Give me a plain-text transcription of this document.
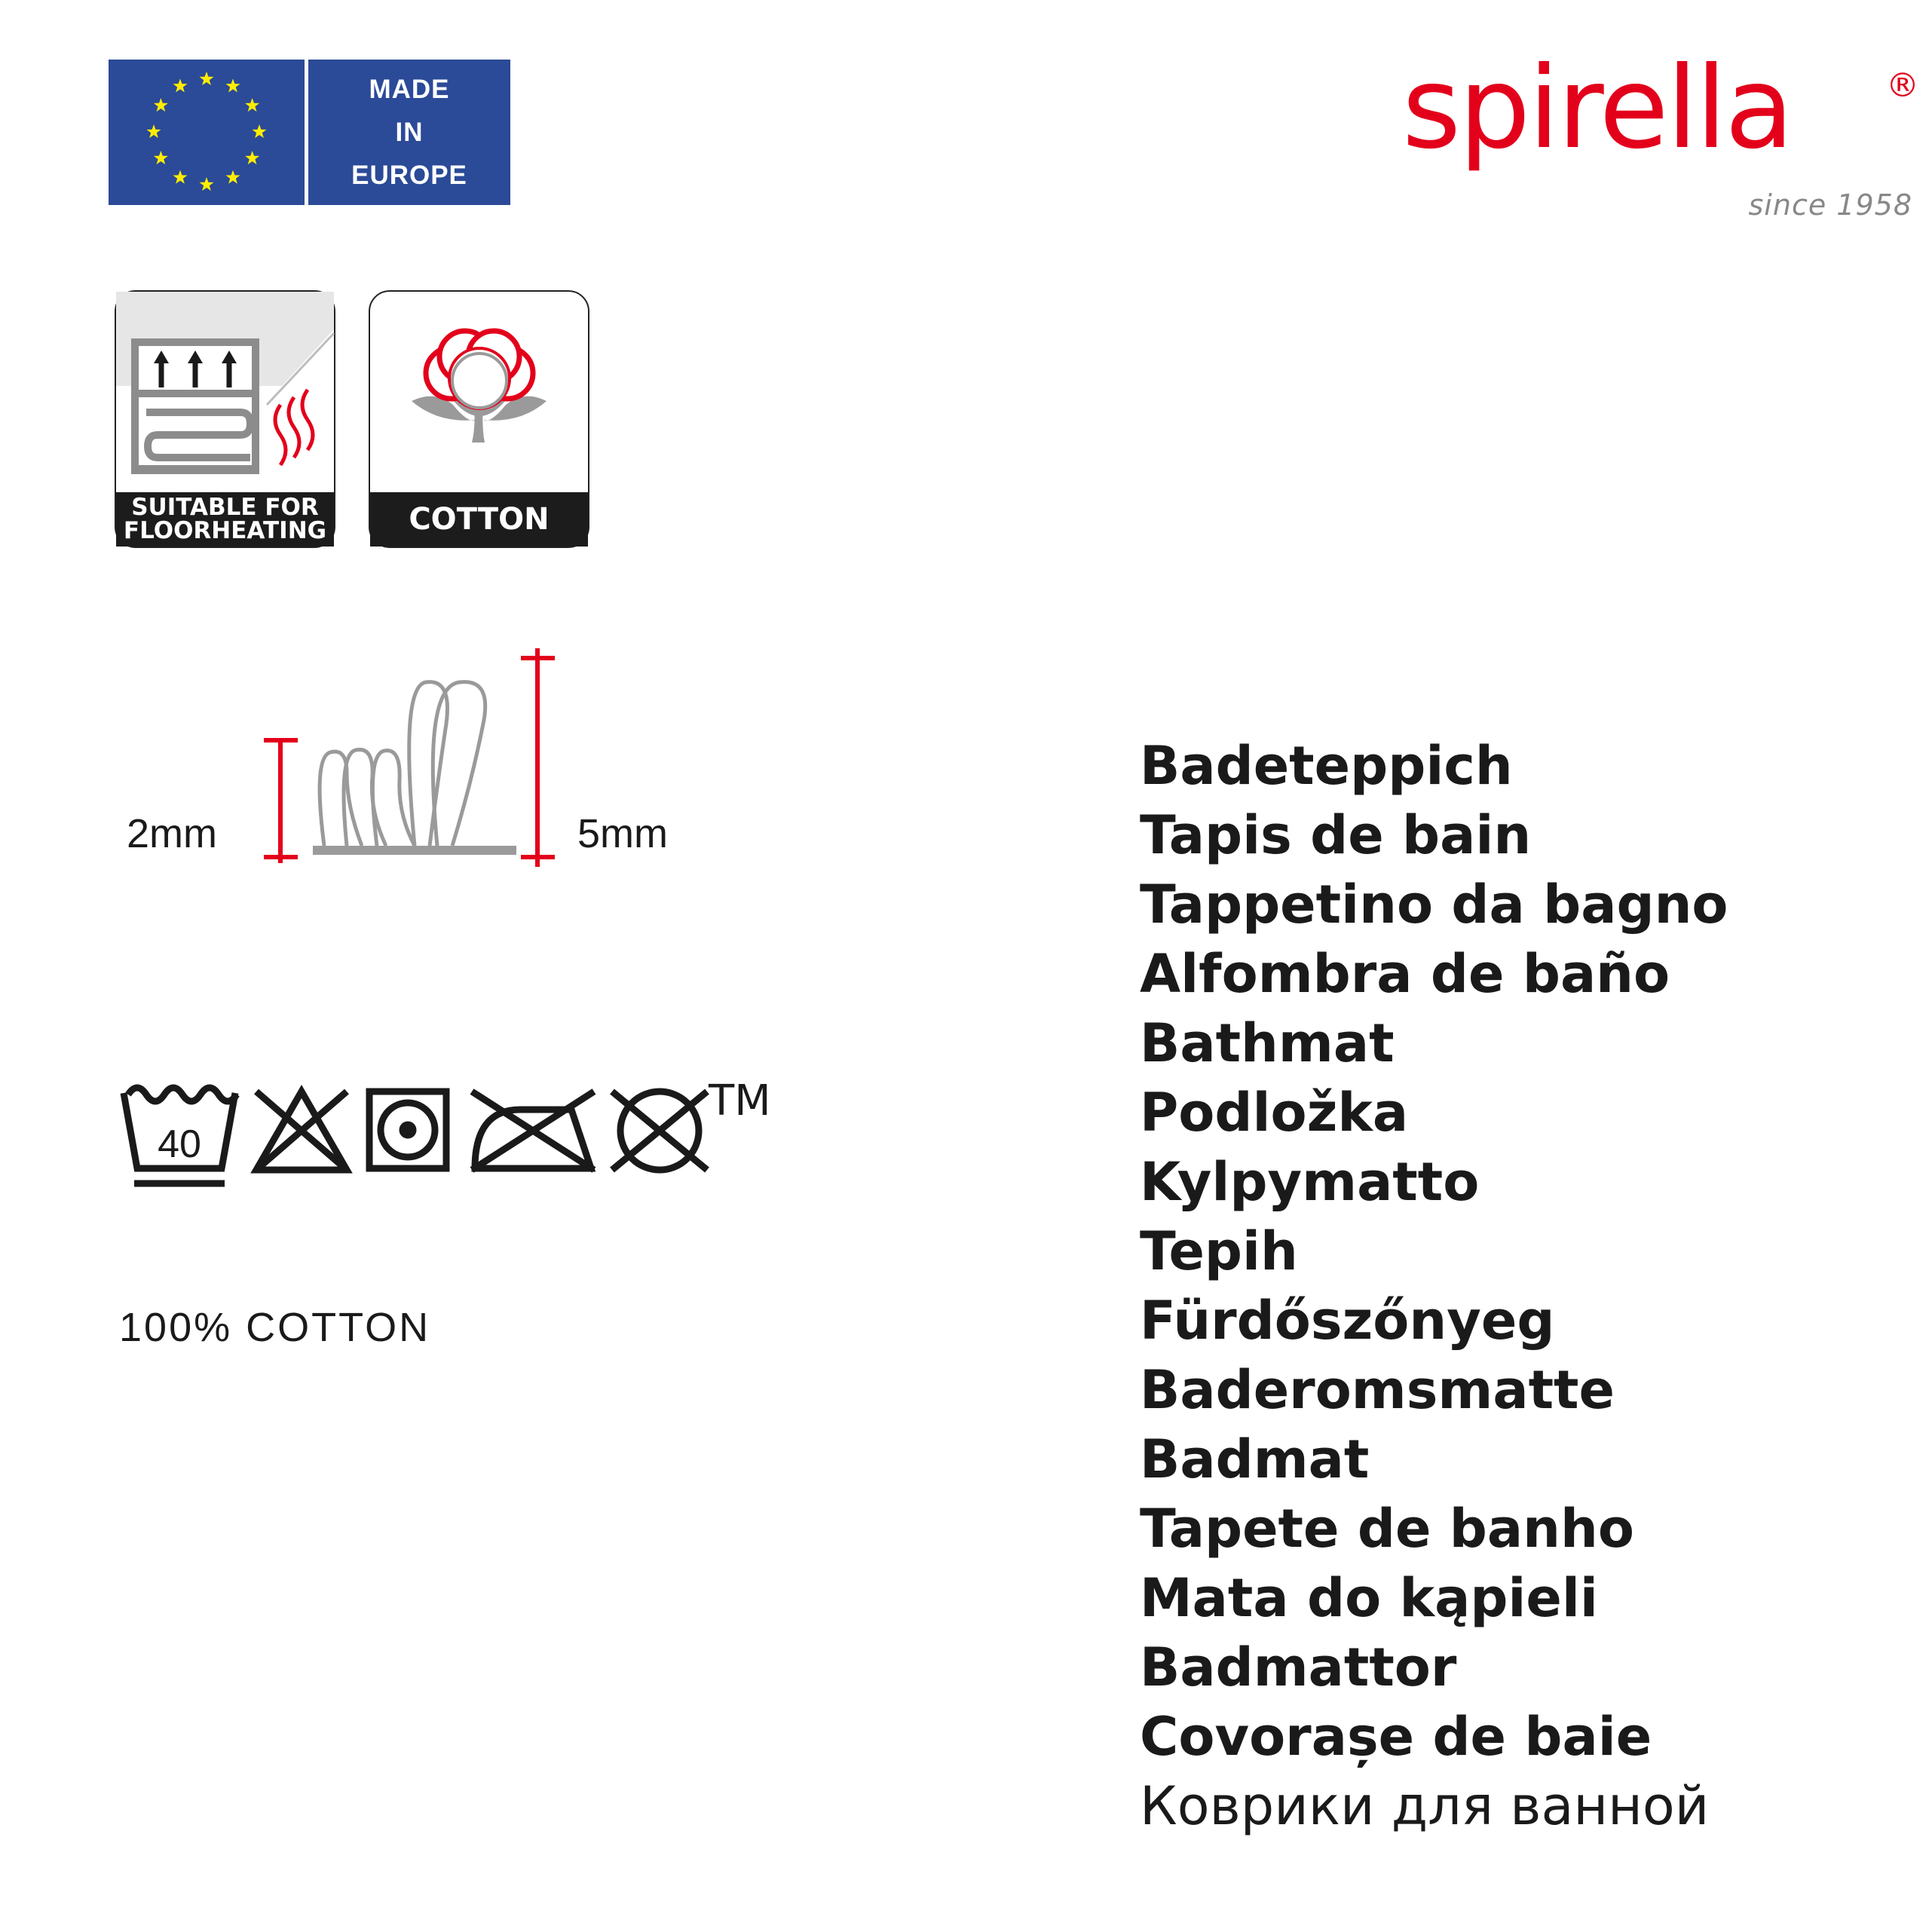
MADE
IN
EUROPE
spirella	®
since 1958
SUITABLE FOR
FLOORHEATING	COTTON
2mm	5mm
40
TM
100% COTTON
Badeteppich
Tapis de bain
Tappetino da bagno
Alfombra de baño
Bathmat
Podložka
Kylpymatto
Tepih
Fürdőszőnyeg
Baderomsmatte
Badmat
Tapete de banho
Mata do kąpieli
Badmattor
Covorașe de baie
Коврики для ванной
